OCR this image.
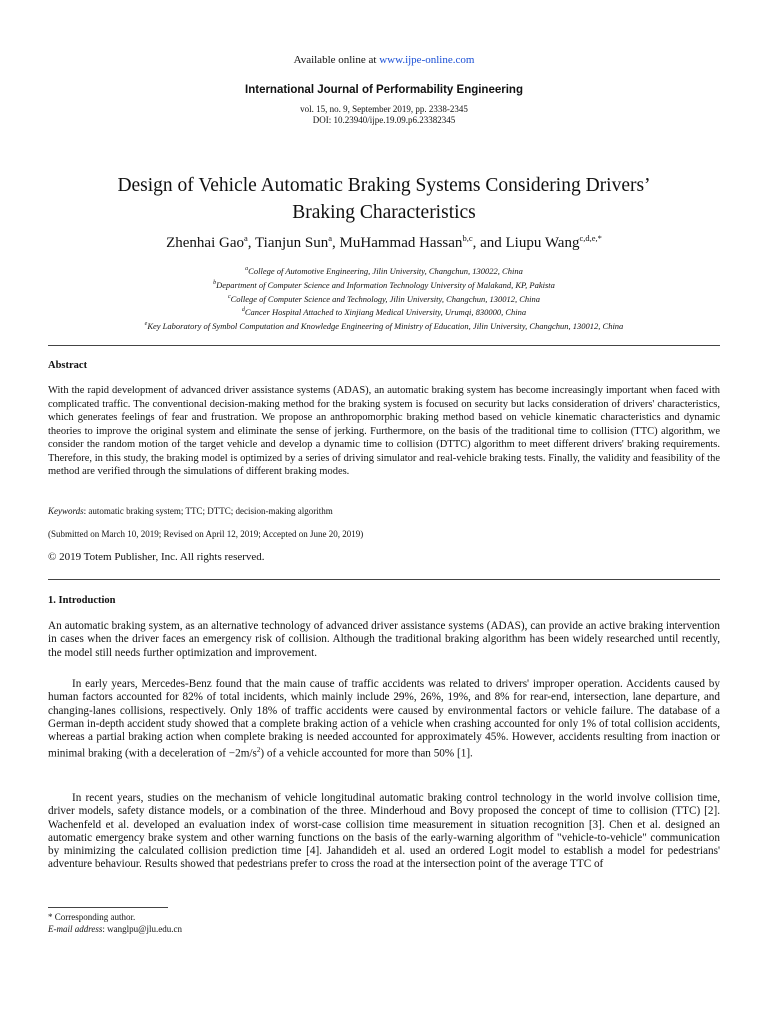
Available online at www.ijpe-online.com
International Journal of Performability Engineering
vol. 15, no. 9, September 2019, pp. 2338-2345
DOI: 10.23940/ijpe.19.09.p6.23382345
Design of Vehicle Automatic Braking Systems Considering Drivers’
Braking Characteristics
Zhenhai Gao$^a$, Tianjun Sun$^a$, MuHammad Hassan$^{b,c}$, and Liupu Wang$^{c,d,e,*}$
$^a$College of Automotive Engineering, Jilin University, Changchun, 130022, China
$^b$Department of Computer Science and Information Technology University of Malakand, KP, Pakista
$^c$College of Computer Science and Technology, Jilin University, Changchun, 130012, China
$^d$Cancer Hospital Attached to Xinjiang Medical University, Urumqi, 830000, China
$^e$Key Laboratory of Symbol Computation and Knowledge Engineering of Ministry of Education, Jilin University, Changchun, 130012, China
Abstract
With the rapid development of advanced driver assistance systems (ADAS), an automatic braking system has become increasingly important when faced with complicated traffic. The conventional decision-making method for the braking system is focused on security but lacks consideration of drivers' characteristics, which generates feelings of fear and frustration. We propose an anthropomorphic braking method based on vehicle kinematic characteristics and dynamic theories to improve the original system and eliminate the sense of jerking. Furthermore, on the basis of the traditional time to collision (TTC) algorithm, we consider the random motion of the target vehicle and develop a dynamic time to collision (DTTC) algorithm to meet different drivers' braking requirements. Therefore, in this study, the braking model is optimized by a series of driving simulator and real-vehicle braking tests. Finally, the validity and feasibility of the method are verified through the simulations of different braking modes.
Keywords: automatic braking system; TTC; DTTC; decision-making algorithm
(Submitted on March 10, 2019; Revised on April 12, 2019; Accepted on June 20, 2019)
© 2019 Totem Publisher, Inc. All rights reserved.
1. Introduction
An automatic braking system, as an alternative technology of advanced driver assistance systems (ADAS), can provide an active braking intervention in cases when the driver faces an emergency risk of collision. Although the traditional braking algorithm has been widely researched until recently, the model still needs further optimization and improvement.
In early years, Mercedes-Benz found that the main cause of traffic accidents was related to drivers' improper operation. Accidents caused by human factors accounted for 82% of total incidents, which mainly include 29%, 26%, 19%, and 8% for rear-end, intersection, lane departure, and changing-lanes collisions, respectively. Only 18% of traffic accidents were caused by environmental factors or vehicle failure. The database of a German in-depth accident study showed that a complete braking action of a vehicle when crashing accounted for only 1% of total collision accidents, whereas a partial braking action when complete braking is needed accounted for approximately 45%. However, accidents resulting from inaction or minimal braking (with a deceleration of $-2m/s^2$) of a vehicle accounted for more than 50% [1].
In recent years, studies on the mechanism of vehicle longitudinal automatic braking control technology in the world involve collision time, driver models, safety distance models, or a combination of the three. Minderhoud and Bovy proposed the concept of time to collision (TTC) [2]. Wachenfeld et al. developed an evaluation index of worst-case collision time measurement in situation recognition [3]. Chen et al. designed an automatic emergency brake system and other warning functions on the basis of the early-warning algorithm of "vehicle-to-vehicle" communication by minimizing the calculated collision prediction time [4]. Jahandideh et al. used an ordered Logit model to establish a model for pedestrians' adventure behaviour. Results showed that pedestrians prefer to cross the road at the intersection point of the average TTC of
* Corresponding author.
E-mail address: wanglpu@jlu.edu.cn
